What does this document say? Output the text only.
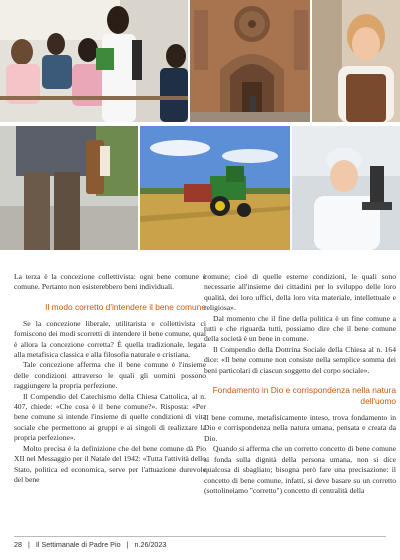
La terza è la concezione collettivista: ogni bene comune è comune. Pertanto non esisterebbero beni individuali.

Il modo corretto d'intendere il bene comune

Se la concezione liberale, utilitarista e collettivista ci forniscono dei modi scorretti di intendere il bene comune, qual è allora la concezione corretta? È quella tradizionale, legata alla metafisica classica e alla filosofia naturale e cristiana.

Tale concezione afferma che il bene comune è l'insieme delle condizioni attraverso le quali gli uomini possono raggiungere la propria perfezione.

Il Compendio del Catechismo della Chiesa Cattolica, al n. 407, chiede: «Che cosa è il bene comune?». Risposta: «Per bene comune si intende l'insieme di quelle condizioni di vita sociale che permettono ai gruppi e ai singoli di realizzare la propria perfezione».

Molto precisa è la definizione che del bene comune dà Pio XII nel Messaggio per il Natale del 1942: «Tutta l'attività dello Stato, politica ed economica, serve per l'attuazione durevole del bene

comune; cioè di quelle esterne condizioni, le quali sono necessarie all'insieme dei cittadini per lo sviluppo delle loro qualità, dei loro uffici, della loro vita materiale, intellettuale e religiosa».

Dal momento che il fine della politica è un fine comune a tutti e che riguarda tutti, possiamo dire che il bene comune della società è un bene in comune.

Il Compendio della Dottrina Sociale della Chiesa al n. 164 dice: «Il bene comune non consiste nella semplice somma dei beni particolari di ciascun soggetto del corpo sociale».

Fondamento in Dio e corrispondenza nella natura dell'uomo

Il bene comune, metafisicamente inteso, trova fondamento in Dio e corrispondenza nella natura umana, pensata e creata da Dio.

Quando si afferma che un corretto concetto di bene comune si fonda sulla dignità della persona umana, non si dice qualcosa di sbagliato; bisogna però fare una precisazione: il concetto di bene comune, infatti, si deve basare su un corretto (sottolineiamo "corretto") concetto di centralità della

28 | Il Settimanale di Padre Pio | n.26/2023
